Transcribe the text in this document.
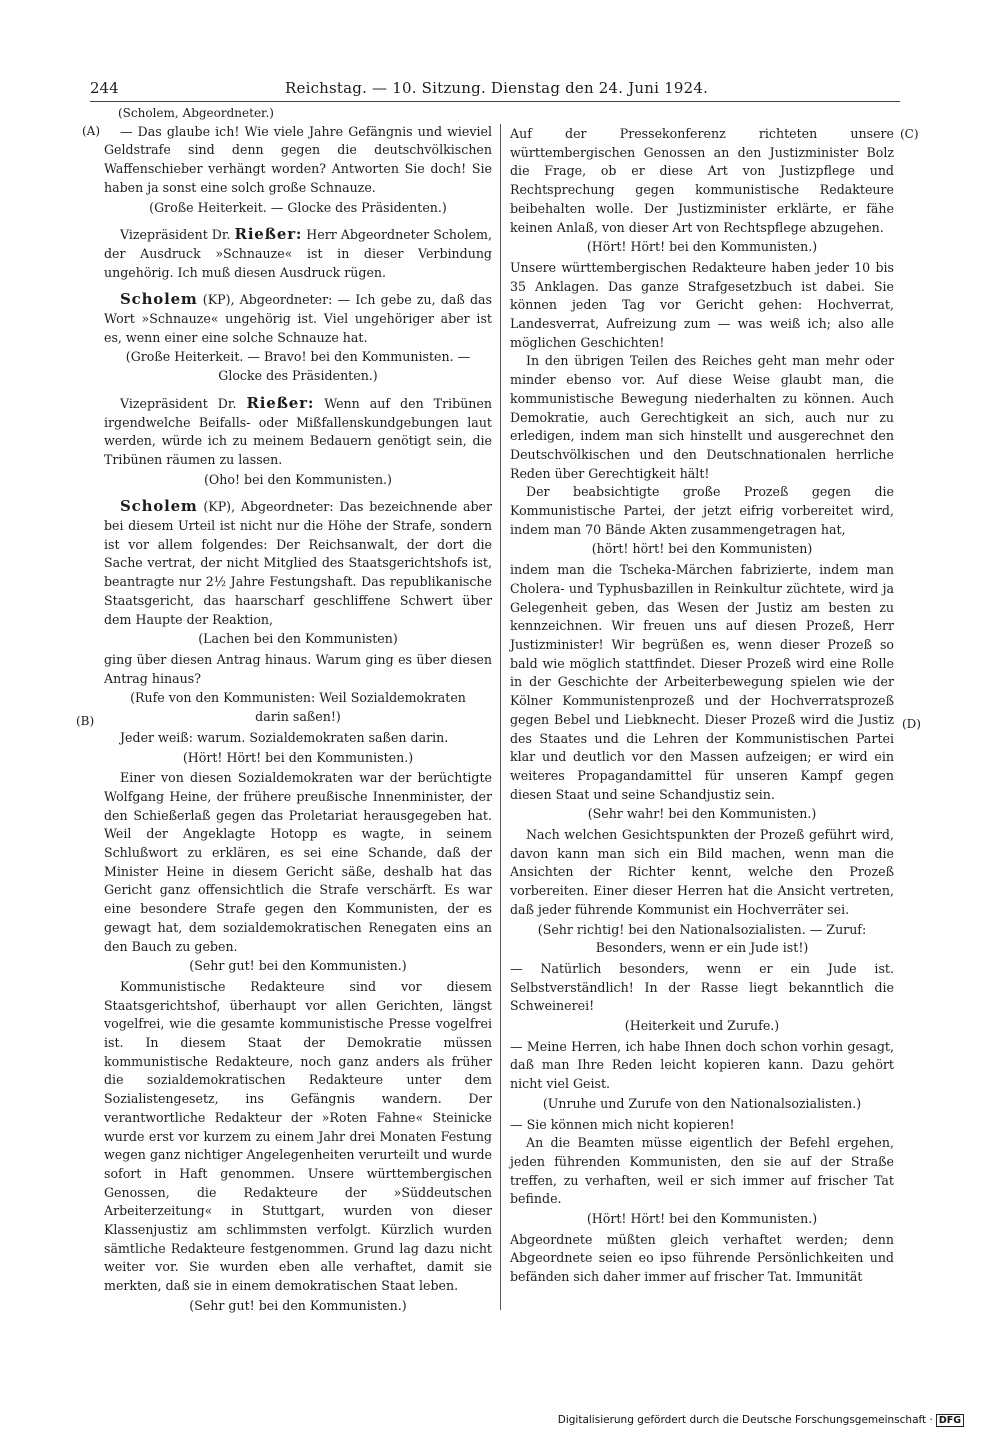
244	Reichstag. — 10. Sitzung. Dienstag den 24. Juni 1924.
(A)
(B)
(C)
(D)

(Scholem, Abgeordneter.)

— Das glaube ich! Wie viele Jahre Gefängnis und wieviel Geldstrafe sind denn gegen die deutschvölkischen Waffenschieber verhängt worden? Antworten Sie doch! Sie haben ja sonst eine solch große Schnauze.

(Große Heiterkeit. — Glocke des Präsidenten.)

Vizepräsident Dr. Rießer: Herr Abgeordneter Scholem, der Ausdruck »Schnauze« ist in dieser Verbindung ungehörig. Ich muß diesen Ausdruck rügen.

Scholem (KP), Abgeordneter: — Ich gebe zu, daß das Wort »Schnauze« ungehörig ist. Viel ungehöriger aber ist es, wenn einer eine solche Schnauze hat.

(Große Heiterkeit. — Bravo! bei den Kommunisten. — Glocke des Präsidenten.)

Vizepräsident Dr. Rießer: Wenn auf den Tribünen irgendwelche Beifalls- oder Mißfallenskundgebungen laut werden, würde ich zu meinem Bedauern genötigt sein, die Tribünen räumen zu lassen.

(Oho! bei den Kommunisten.)

Scholem (KP), Abgeordneter: Das bezeichnende aber bei diesem Urteil ist nicht nur die Höhe der Strafe, sondern ist vor allem folgendes: Der Reichsanwalt, der dort die Sache vertrat, der nicht Mitglied des Staatsgerichtshofs ist, beantragte nur 2½ Jahre Festungshaft. Das republikanische Staatsgericht, das haarscharf geschliffene Schwert über dem Haupte der Reaktion,

(Lachen bei den Kommunisten)

ging über diesen Antrag hinaus. Warum ging es über diesen Antrag hinaus?

(Rufe von den Kommunisten: Weil Sozialdemokraten darin saßen!)

Jeder weiß: warum. Sozialdemokraten saßen darin.

(Hört! Hört! bei den Kommunisten.)

Einer von diesen Sozialdemokraten war der berüchtigte Wolfgang Heine, der frühere preußische Innenminister, der den Schießerlaß gegen das Proletariat herausgegeben hat. Weil der Angeklagte Hotopp es wagte, in seinem Schlußwort zu erklären, es sei eine Schande, daß der Minister Heine in diesem Gericht säße, deshalb hat das Gericht ganz offensichtlich die Strafe verschärft. Es war eine besondere Strafe gegen den Kommunisten, der es gewagt hat, dem sozialdemokratischen Renegaten eins an den Bauch zu geben.

(Sehr gut! bei den Kommunisten.)

Kommunistische Redakteure sind vor diesem Staatsgerichtshof, überhaupt vor allen Gerichten, längst vogelfrei, wie die gesamte kommunistische Presse vogelfrei ist. In diesem Staat der Demokratie müssen kommunistische Redakteure, noch ganz anders als früher die sozialdemokratischen Redakteure unter dem Sozialistengesetz, ins Gefängnis wandern. Der verantwortliche Redakteur der »Roten Fahne« Steinicke wurde erst vor kurzem zu einem Jahr drei Monaten Festung wegen ganz nichtiger Angelegenheiten verurteilt und wurde sofort in Haft genommen. Unsere württembergischen Genossen, die Redakteure der »Süddeutschen Arbeiterzeitung« in Stuttgart, wurden von dieser Klassenjustiz am schlimmsten verfolgt. Kürzlich wurden sämtliche Redakteure festgenommen. Grund lag dazu nicht weiter vor. Sie wurden eben alle verhaftet, damit sie merkten, daß sie in einem demokratischen Staat leben.

(Sehr gut! bei den Kommunisten.)

Auf der Pressekonferenz richteten unsere württembergischen Genossen an den Justizminister Bolz die Frage, ob er diese Art von Justizpflege und Rechtsprechung gegen kommunistische Redakteure beibehalten wolle. Der Justizminister erklärte, er fähe keinen Anlaß, von dieser Art von Rechtspflege abzugehen.

(Hört! Hört! bei den Kommunisten.)

Unsere württembergischen Redakteure haben jeder 10 bis 35 Anklagen. Das ganze Strafgesetzbuch ist dabei. Sie können jeden Tag vor Gericht gehen: Hochverrat, Landesverrat, Aufreizung zum — was weiß ich; also alle möglichen Geschichten!

In den übrigen Teilen des Reiches geht man mehr oder minder ebenso vor. Auf diese Weise glaubt man, die kommunistische Bewegung niederhalten zu können. Auch Demokratie, auch Gerechtigkeit an sich, auch nur zu erledigen, indem man sich hinstellt und ausgerechnet den Deutschvölkischen und den Deutschnationalen herrliche Reden über Gerechtigkeit hält!

Der beabsichtigte große Prozeß gegen die Kommunistische Partei, der jetzt eifrig vorbereitet wird, indem man 70 Bände Akten zusammengetragen hat,

(hört! hört! bei den Kommunisten)

indem man die Tscheka-Märchen fabrizierte, indem man Cholera- und Typhusbazillen in Reinkultur züchtete, wird ja Gelegenheit geben, das Wesen der Justiz am besten zu kennzeichnen. Wir freuen uns auf diesen Prozeß, Herr Justizminister! Wir begrüßen es, wenn dieser Prozeß so bald wie möglich stattfindet. Dieser Prozeß wird eine Rolle in der Geschichte der Arbeiterbewegung spielen wie der Kölner Kommunistenprozeß und der Hochverratsprozeß gegen Bebel und Liebknecht. Dieser Prozeß wird die Justiz des Staates und die Lehren der Kommunistischen Partei klar und deutlich vor den Massen aufzeigen; er wird ein weiteres Propagandamittel für unseren Kampf gegen diesen Staat und seine Schandjustiz sein.

(Sehr wahr! bei den Kommunisten.)

Nach welchen Gesichtspunkten der Prozeß geführt wird, davon kann man sich ein Bild machen, wenn man die Ansichten der Richter kennt, welche den Prozeß vorbereiten. Einer dieser Herren hat die Ansicht vertreten, daß jeder führende Kommunist ein Hochverräter sei.

(Sehr richtig! bei den Nationalsozialisten. — Zuruf: Besonders, wenn er ein Jude ist!)

— Natürlich besonders, wenn er ein Jude ist. Selbstverständlich! In der Rasse liegt bekanntlich die Schweinerei!

(Heiterkeit und Zurufe.)

— Meine Herren, ich habe Ihnen doch schon vorhin gesagt, daß man Ihre Reden leicht kopieren kann. Dazu gehört nicht viel Geist.

(Unruhe und Zurufe von den Nationalsozialisten.)

— Sie können mich nicht kopieren!

An die Beamten müsse eigentlich der Befehl ergehen, jeden führenden Kommunisten, den sie auf der Straße treffen, zu verhaften, weil er sich immer auf frischer Tat befinde.

(Hört! Hört! bei den Kommunisten.)

Abgeordnete müßten gleich verhaftet werden; denn Abgeordnete seien eo ipso führende Persönlichkeiten und befänden sich daher immer auf frischer Tat. Immunität

Digitalisierung gefördert durch die Deutsche Forschungsgemeinschaft · DFG
